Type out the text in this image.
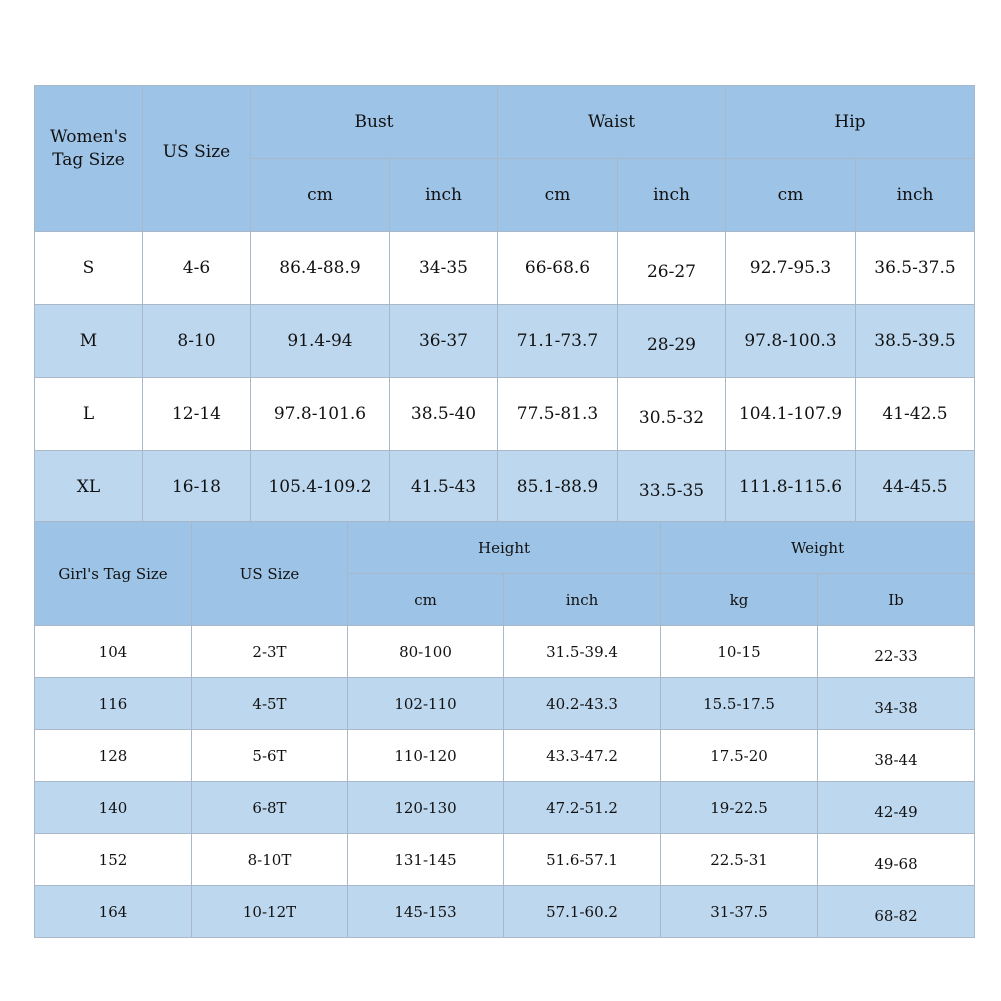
Women's Tag Size	US Size	Bust		Waist		Hip	
		cm	inch	cm	inch	cm	inch
S	4-6	86.4-88.9	34-35	66-68.6	26-27	92.7-95.3	36.5-37.5
M	8-10	91.4-94	36-37	71.1-73.7	28-29	97.8-100.3	38.5-39.5
L	12-14	97.8-101.6	38.5-40	77.5-81.3	30.5-32	104.1-107.9	41-42.5
XL	16-18	105.4-109.2	41.5-43	85.1-88.9	33.5-35	111.8-115.6	44-45.5
Girl's Tag Size	US Size	Height		Weight	
		cm	inch	kg	Ib
104	2-3T	80-100	31.5-39.4	10-15	22-33
116	4-5T	102-110	40.2-43.3	15.5-17.5	34-38
128	5-6T	110-120	43.3-47.2	17.5-20	38-44
140	6-8T	120-130	47.2-51.2	19-22.5	42-49
152	8-10T	131-145	51.6-57.1	22.5-31	49-68
164	10-12T	145-153	57.1-60.2	31-37.5	68-82
